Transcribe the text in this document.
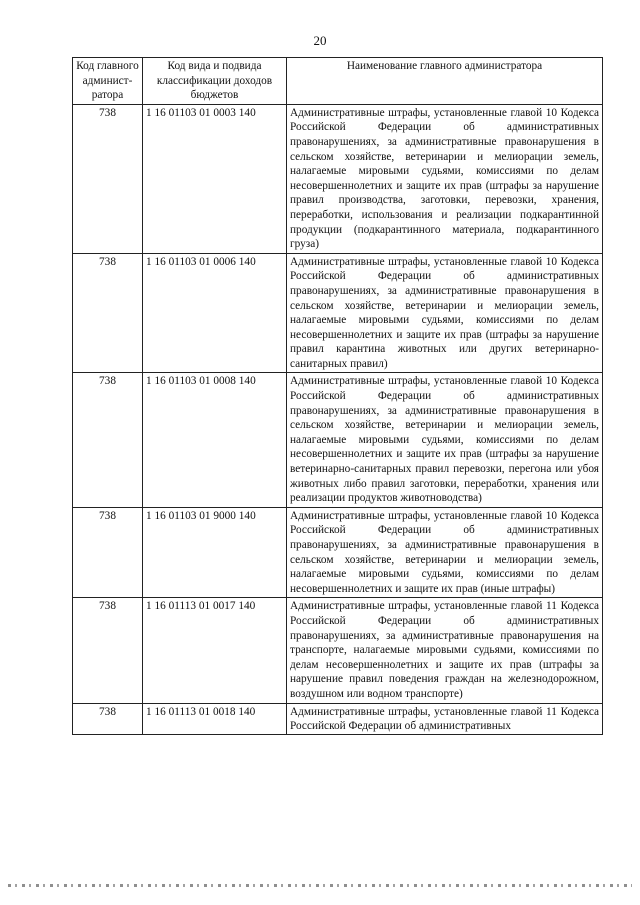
20
Код главного админист-ратора	Код вида и подвида классификации доходов бюджетов	Наименование главного администратора
738	1 16 01103 01 0003 140	Административные штрафы, установленные главой 10 Кодекса Российской Федерации об административных правонарушениях, за административные правонарушения в сельском хозяйстве, ветеринарии и мелиорации земель, налагаемые мировыми судьями, комиссиями по делам несовершеннолетних и защите их прав (штрафы за нарушение правил производства, заготовки, перевозки, хранения, переработки, использования и реализации подкарантинной продукции (подкарантинного материала, подкарантинного груза)

738	1 16 01103 01 0006 140	Административные штрафы, установленные главой 10 Кодекса Российской Федерации об административных правонарушениях, за административные правонарушения в сельском хозяйстве, ветеринарии и мелиорации земель, налагаемые мировыми судьями, комиссиями по делам несовершеннолетних и защите их прав (штрафы за нарушение правил карантина животных или других ветеринарно-санитарных правил)

738	1 16 01103 01 0008 140	Административные штрафы, установленные главой 10 Кодекса Российской Федерации об административных правонарушениях, за административные правонарушения в сельском хозяйстве, ветеринарии и мелиорации земель, налагаемые мировыми судьями, комиссиями по делам несовершеннолетних и защите их прав (штрафы за нарушение ветеринарно-санитарных правил перевозки, перегона или убоя животных либо правил заготовки, переработки, хранения или реализации продуктов животноводства)

738	1 16 01103 01 9000 140	Административные штрафы, установленные главой 10 Кодекса Российской Федерации об административных правонарушениях, за административные правонарушения в сельском хозяйстве, ветеринарии и мелиорации земель, налагаемые мировыми судьями, комиссиями по делам несовершеннолетних и защите их прав (иные штрафы)

738	1 16 01113 01 0017 140	Административные штрафы, установленные главой 11 Кодекса Российской Федерации об административных правонарушениях, за административные правонарушения на транспорте, налагаемые мировыми судьями, комиссиями по делам несовершеннолетних и защите их прав (штрафы за нарушение правил поведения граждан на железнодорожном, воздушном или водном транспорте)

738	1 16 01113 01 0018 140	Административные штрафы, установленные главой 11 Кодекса Российской Федерации об административных
